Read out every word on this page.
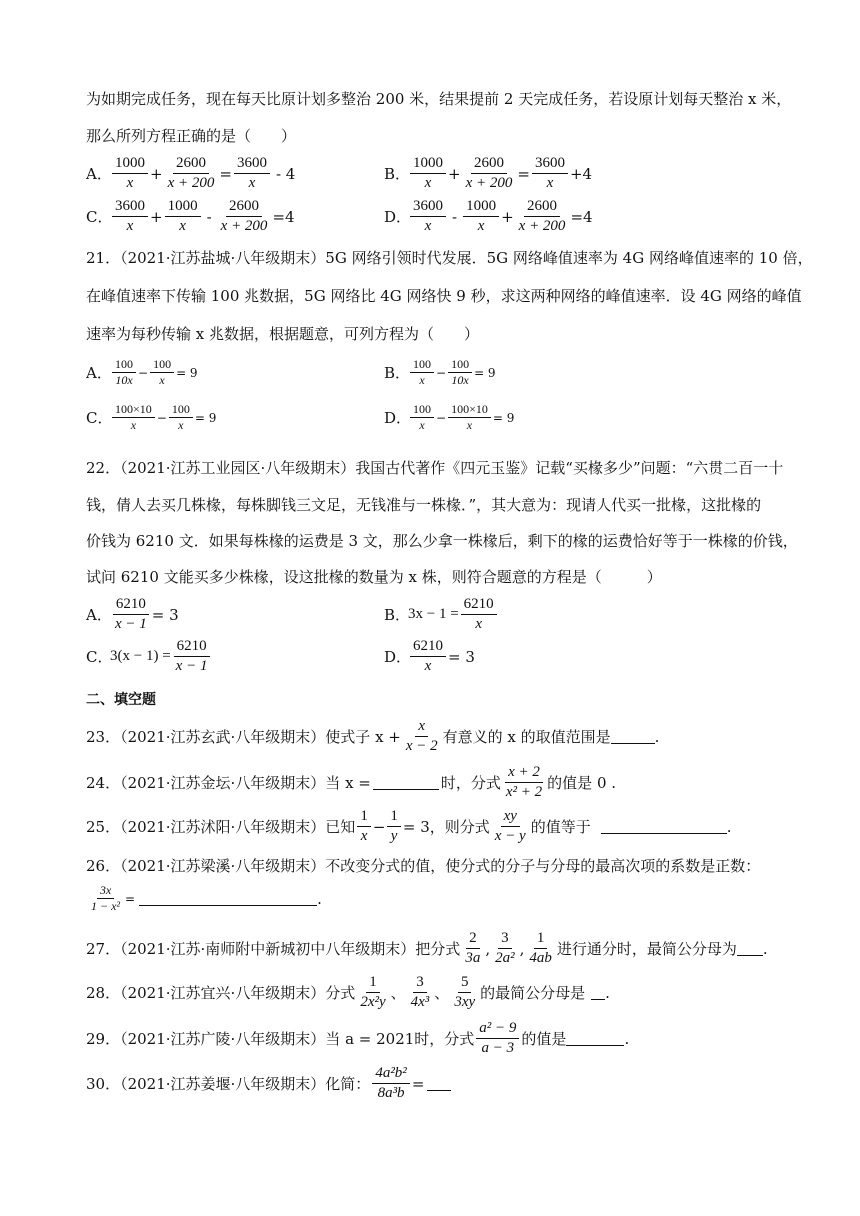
为如期完成任务，现在每天比原计划多整治 200 米，结果提前 2 天完成任务，若设原计划每天整治 x 米，
那么所列方程正确的是（　　）
A． $\frac{1000}{x} + \frac{2600}{x + 200} = \frac{3600}{x} - 4$	B． $\frac{1000}{x} + \frac{2600}{x + 200} = \frac{3600}{x} +4$
C． $\frac{3600}{x} + \frac{1000}{x} - \frac{2600}{x + 200} =4$	D．
$\frac{3600}{x} - \frac{1000}{x} + \frac{2600}{x + 200} =4$
21．（2021·江苏盐城·八年级期末）5G 网络引领时代发展．5G 网络峰值速率为 4G 网络峰值速率的 10 倍，
在峰值速率下传输 100 兆数据，5G 网络比 4G 网络快 9 秒，求这两种网络的峰值速率．设 4G 网络的峰值
速率为每秒传输 x 兆数据，根据题意，可列方程为（　　）
A． $\frac{100}{10x} - \frac{100}{x} = 9$	B． $\frac{100}{x} - \frac{100}{10x} = 9$
C． $\frac{100\times 10}{x} - \frac{100}{x} = 9$	D．
$\frac{100}{x} - \frac{100\times 10}{x} = 9$
22．（2021·江苏工业园区·八年级期末）我国古代著作《四元玉鉴》记载“买椽多少”问题：“六贯二百一十
钱，倩人去买几株椽，每株脚钱三文足，无钱准与一株椽．”，其大意为：现请人代买一批椽，这批椽的
价钱为 6210 文．如果每株椽的运费是 3 文，那么少拿一株椽后，剩下的椽的运费恰好等于一株椽的价钱，
试问 6210 文能买多少株椽，设这批椽的数量为 x 株，则符合题意的方程是（　　　）
A． $\frac{6210}{x - 1} = 3$	B．
$3x - 1 = \frac{6210}{x}$
C．
$3(x - 1) = \frac{6210}{x - 1}$	D．
$\frac{6210}{x} = 3$
二、填空题
23．（2021·江苏玄武·八年级期末）使式子 $x + \frac{x}{x - 2}$ 有意义的 x 的取值范围是	.
24．（2021·江苏金坛·八年级期末）当 x =	时，分式 $\frac{x + 2}{\text{x² + 2}}$ 的值是 0 .
25．（2021·江苏沭阳·八年级期末）已知 $\frac{1}{x} - \frac{1}{y} = 3$，则分式 $\frac{xy}{x - y}$ 的值等于	.
26．（2021·江苏梁溪·八年级期末）不改变分式的值，使分式的分子与分母的最高次项的系数是正数：
$\frac{3x}{\text{1 − x²}}$ =	.
27．（2021·江苏·南师附中新城初中八年级期末）把分式 $\frac{2}{3a}$ , $\frac{3}{\text{2a²}}$ , $\frac{1}{4ab}$ 进行通分时，最简公分母为 .
28．（2021·江苏宜兴·八年级期末）分式 $\frac{1}{\text{2x²y}}$ 、 $\frac{3}{\text{4x³}}$ 、 $\frac{5}{3xy}$ 的最简公分母是 .
29．（2021·江苏广陵·八年级期末）当 a = 2021时，分式 $\frac{\text{a² − 9}}{a - 3}$ 的值是	.
30．（2021·江苏姜堰·八年级期末）化简： $\frac{\text{4a²b²}}{\text{8a³b}}$ =
